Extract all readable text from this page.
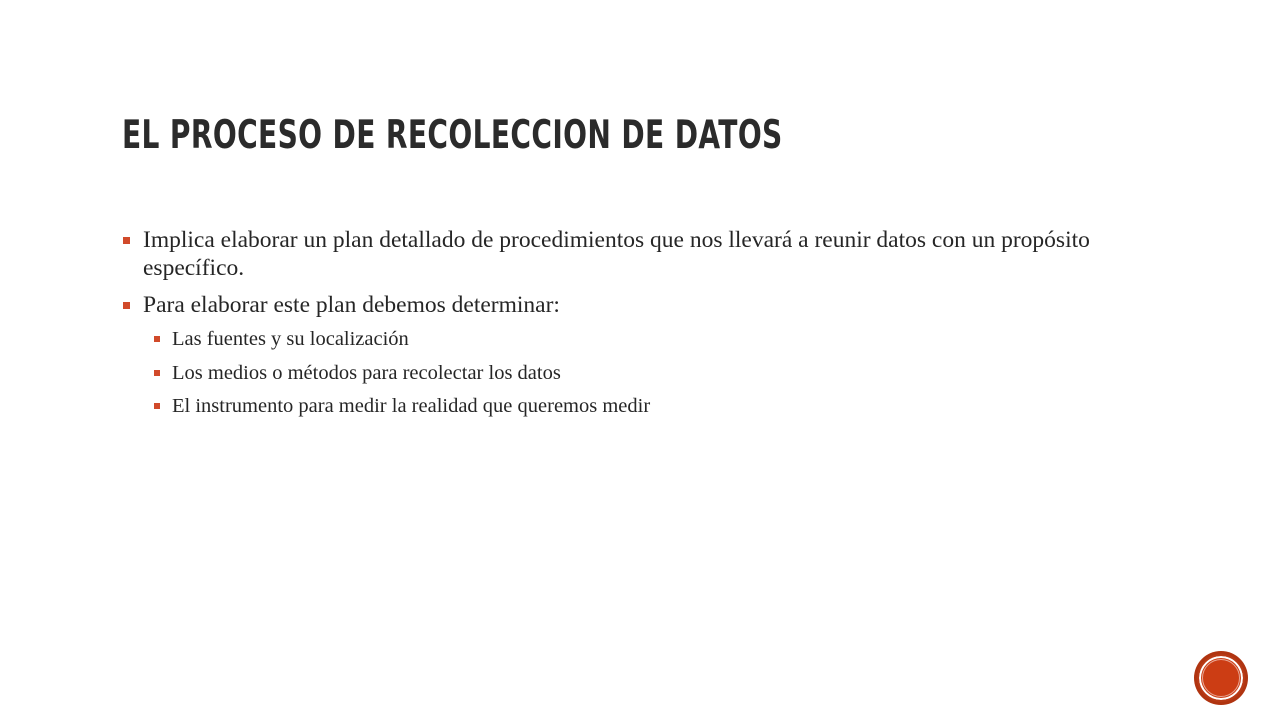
EL PROCESO DE RECOLECCION DE DATOS
Implica elaborar un plan detallado de procedimientos que nos llevará a reunir datos con un propósito específico.
Para elaborar este plan debemos determinar:
Las fuentes y su localización
Los medios o métodos para recolectar los datos
El instrumento para medir la realidad que queremos medir
